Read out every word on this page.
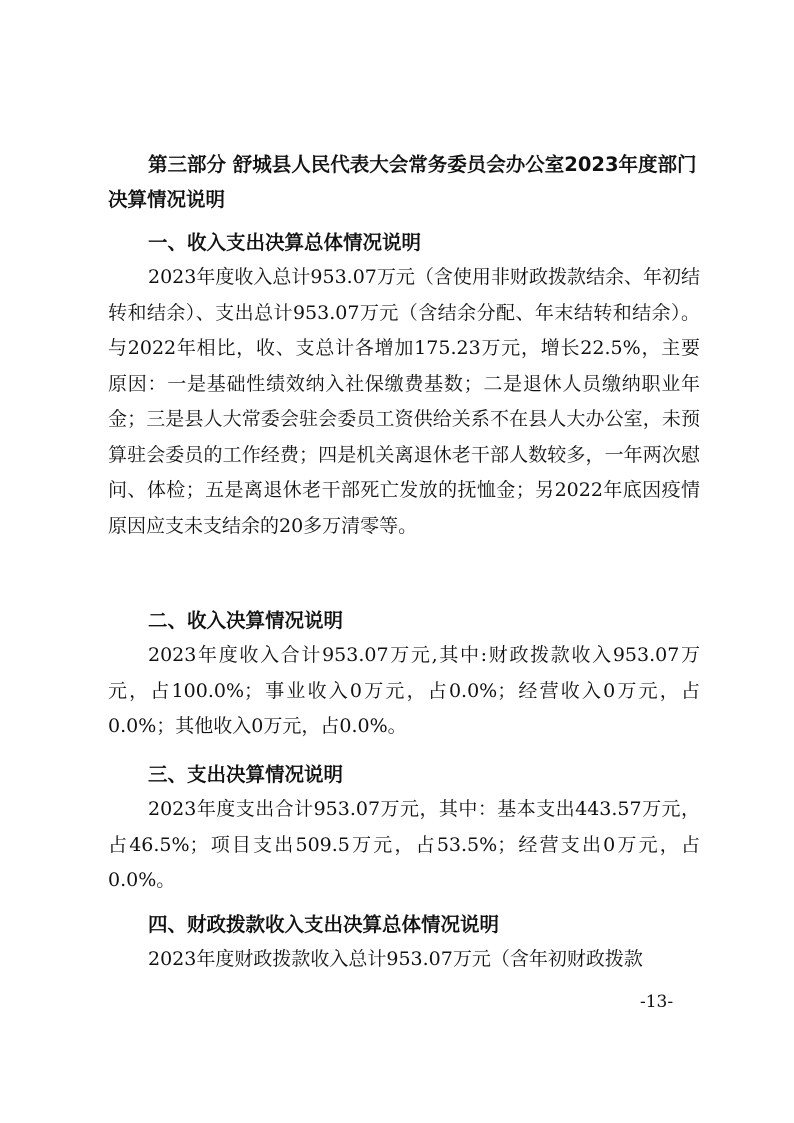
第三部分 舒城县人民代表大会常务委员会办公室2023年度部门决算情况说明

一、收入支出决算总体情况说明

2023年度收入总计953.07万元（含使用非财政拨款结余、年初结转和结余）、支出总计953.07万元（含结余分配、年末结转和结余）。与2022年相比，收、支总计各增加175.23万元，增长22.5%，主要原因：一是基础性绩效纳入社保缴费基数；二是退休人员缴纳职业年金；三是县人大常委会驻会委员工资供给关系不在县人大办公室，未预算驻会委员的工作经费；四是机关离退休老干部人数较多，一年两次慰问、体检；五是离退休老干部死亡发放的抚恤金；另2022年底因疫情原因应支未支结余的20多万清零等。

二、收入决算情况说明

2023年度收入合计953.07万元,其中:财政拨款收入953.07万元，占100.0%；事业收入0万元，占0.0%；经营收入0万元，占0.0%；其他收入0万元，占0.0%。

三、支出决算情况说明

2023年度支出合计953.07万元，其中：基本支出443.57万元，占46.5%；项目支出509.5万元，占53.5%；经营支出0万元，占0.0%。

四、财政拨款收入支出决算总体情况说明

2023年度财政拨款收入总计953.07万元（含年初财政拨款

-13-
